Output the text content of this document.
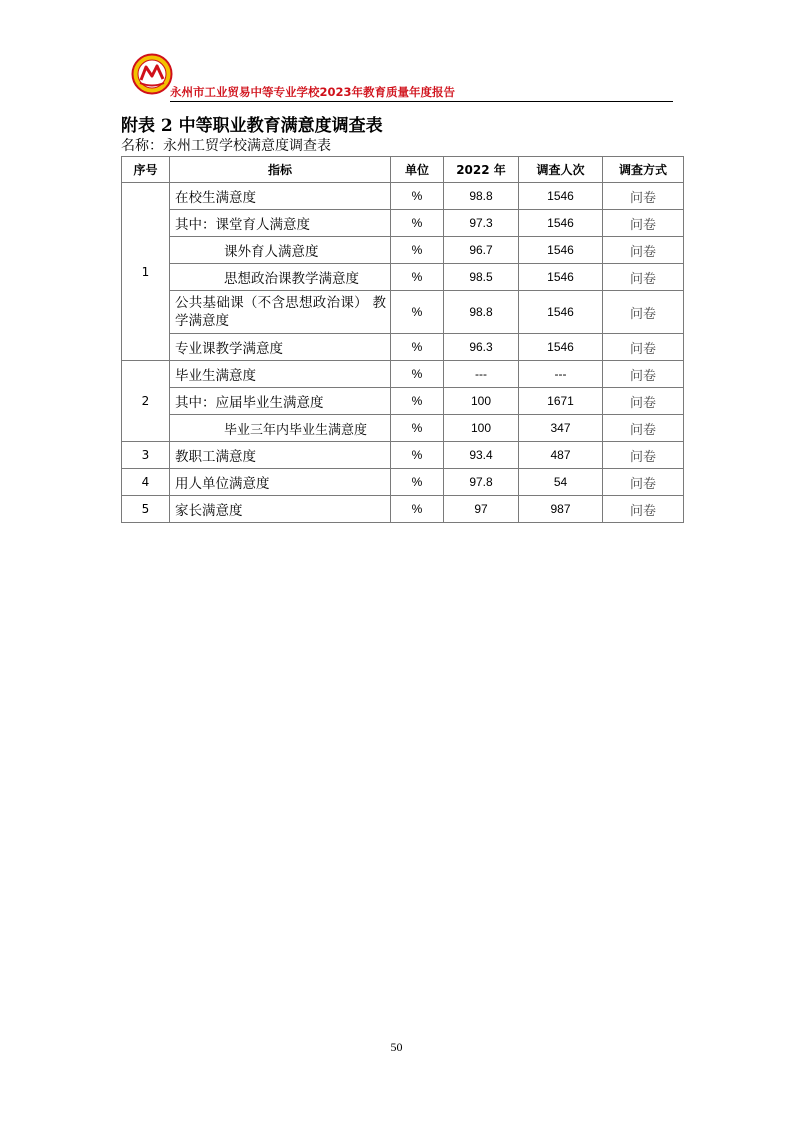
永州市工业贸易中等专业学校2023年教育质量年度报告
附表 2 中等职业教育满意度调查表
名称：永州工贸学校满意度调查表
序号	指标	单位	2022 年	调查人次	调查方式
1	在校生满意度	%	98.8	1546	问卷
	其中：课堂育人满意度	%	97.3	1546	问卷
	课外育人满意度	%	96.7	1546	问卷
	思想政治课教学满意度	%	98.5	1546	问卷
	公共基础课（不含思想政治课） 教学满意度	%	98.8	1546	问卷
	专业课教学满意度	%	96.3	1546	问卷
2	毕业生满意度	%	---	---	问卷
	其中：应届毕业生满意度	%	100	1671	问卷
	毕业三年内毕业生满意度	%	100	347	问卷
3	教职工满意度	%	93.4	487	问卷
4	用人单位满意度	%	97.8	54	问卷
5	家长满意度	%	97	987	问卷
50
